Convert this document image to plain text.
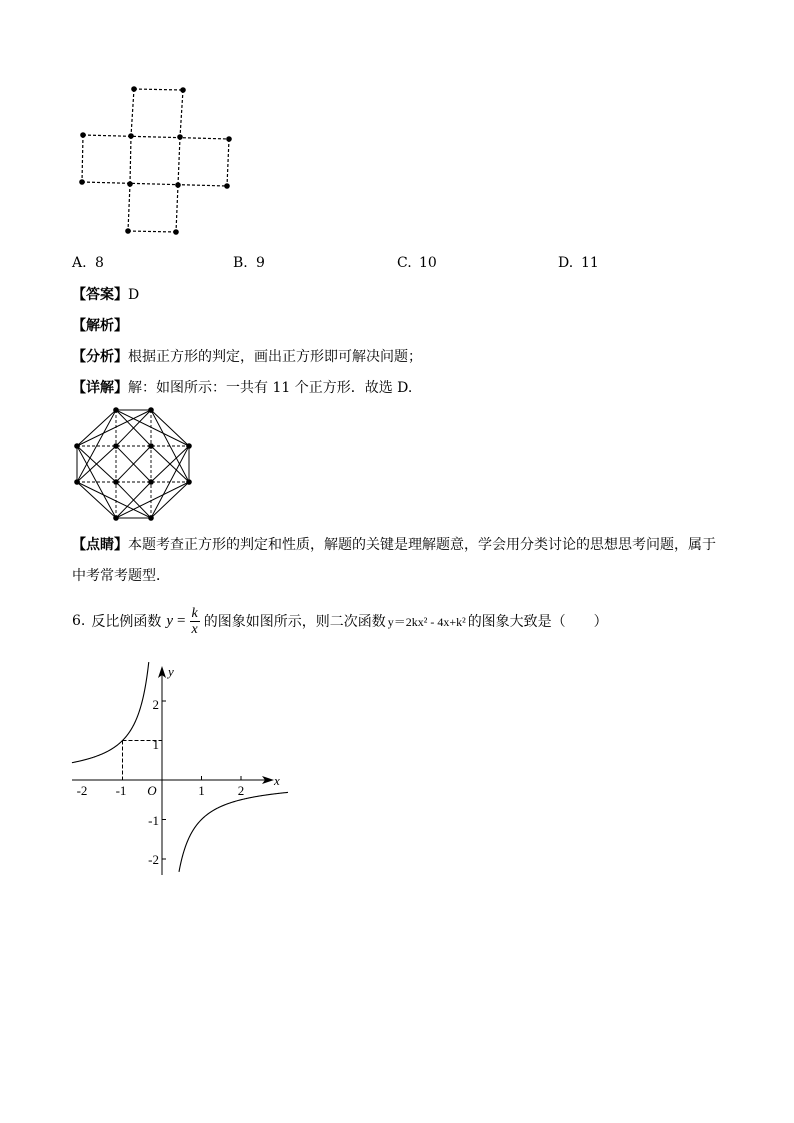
A. 8	B. 9	C. 10	D. 11
【答案】D
【解析】
【分析】根据正方形的判定，画出正方形即可解决问题；
【详解】解：如图所示：一共有 11 个正方形．故选 D.
【点睛】本题考查正方形的判定和性质，解题的关键是理解题意，学会用分类讨论的思想思考问题，属于
中考常考题型．
6. 反比例函数 $y = \frac{k}{x}$ 的图象如图所示，则二次函数 y＝2kx² - 4x+k² 的图象大致是（　　）
y
x
O
-2 -1	1	2
2
1
-1
-2
